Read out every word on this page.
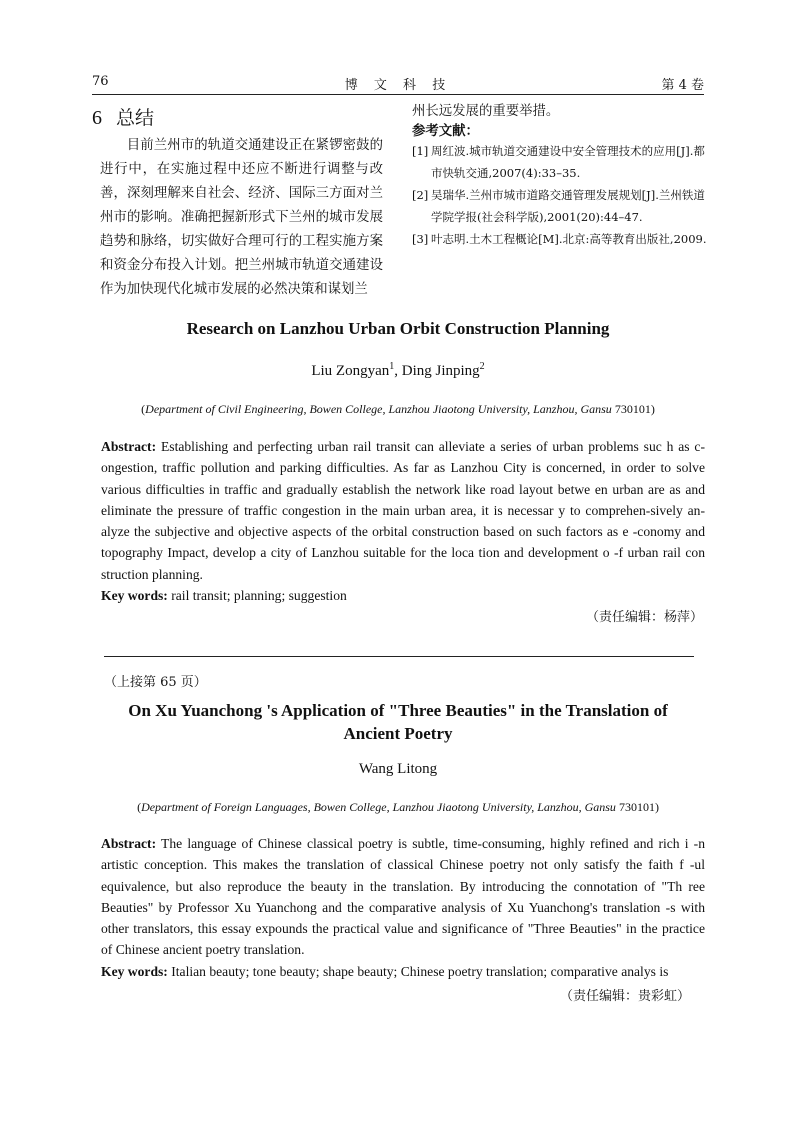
76	博 文 科 技	第 4 卷
6 总结

目前兰州市的轨道交通建设正在紧锣密鼓的进行中，在实施过程中还应不断进行调整与改善，深刻理解来自社会、经济、国际三方面对兰州市的影响。准确把握新形式下兰州的城市发展趋势和脉络，切实做好合理可行的工程实施方案和资金分布投入计划。把兰州城市轨道交通建设作为加快现代化城市发展的必然决策和谋划兰

州长远发展的重要举措。
参考文献：
[1] 周红波.城市轨道交通建设中安全管理技术的应用[J].都市快轨交通,2007(4):33–35.
[2] 吴瑞华.兰州市城市道路交通管理发展规划[J].兰州铁道学院学报(社会科学版),2001(20):44–47.
[3] 叶志明.土木工程概论[M].北京:高等教育出版社,2009.
Research on Lanzhou Urban Orbit Construction Planning
Liu Zongyan$^1$, Ding Jinping$^2$
(Department of Civil Engineering, Bowen College, Lanzhou Jiaotong University, Lanzhou, Gansu 730101)
Abstract: Establishing and perfecting urban rail transit can alleviate a series of urban problems suc h as c-ongestion, traffic pollution and parking difficulties. As far as Lanzhou City is concerned, in order to solve various difficulties in traffic and gradually establish the network like road layout betwe en urban are as and eliminate the pressure of traffic congestion in the main urban area, it is necessar y to comprehen-sively an-alyze the subjective and objective aspects of the orbital construction based on such factors as e -conomy and topography Impact, develop a city of Lanzhou suitable for the loca tion and development o -f urban rail con struction planning.
Key words: rail transit; planning; suggestion
（责任编辑：杨萍）
（上接第 65 页）
On Xu Yuanchong 's Application of "Three Beauties" in the Translation of
Ancient Poetry
Wang Litong
(Department of Foreign Languages, Bowen College, Lanzhou Jiaotong University, Lanzhou, Gansu 730101)
Abstract: The language of Chinese classical poetry is subtle, time-consuming, highly refined and rich i -n artistic conception. This makes the translation of classical Chinese poetry not only satisfy the faith f -ul equivalence, but also reproduce the beauty in the translation. By introducing the connotation of "Th ree Beauties" by Professor Xu Yuanchong and the comparative analysis of Xu Yuanchong's translation -s with other translators, this essay expounds the practical value and significance of "Three Beauties" in the practice of Chinese ancient poetry translation.
Key words: Italian beauty; tone beauty; shape beauty; Chinese poetry translation; comparative analys is
（责任编辑：贵彩虹）
